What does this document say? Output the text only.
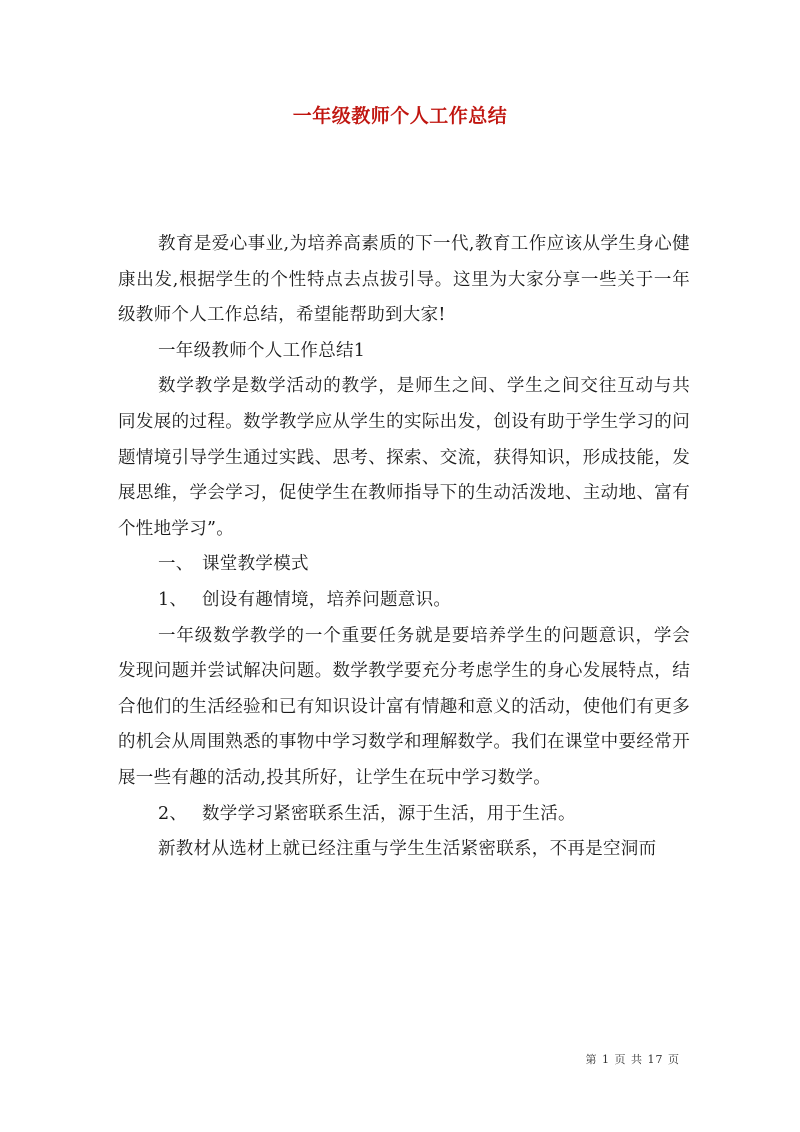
一年级教师个人工作总结

教育是爱心事业,为培养高素质的下一代,教育工作应该从学生身心健康出发,根据学生的个性特点去点拔引导。这里为大家分享一些关于一年级教师个人工作总结，希望能帮助到大家!

一年级教师个人工作总结1

数学教学是数学活动的教学，是师生之间、学生之间交往互动与共同发展的过程。数学教学应从学生的实际出发，创设有助于学生学习的问题情境引导学生通过实践、思考、探索、交流，获得知识，形成技能，发展思维，学会学习，促使学生在教师指导下的生动活泼地、主动地、富有个性地学习”。

一、 课堂教学模式

1、 创设有趣情境，培养问题意识。

一年级数学教学的一个重要任务就是要培养学生的问题意识，学会发现问题并尝试解决问题。数学教学要充分考虑学生的身心发展特点，结合他们的生活经验和已有知识设计富有情趣和意义的活动，使他们有更多的机会从周围熟悉的事物中学习数学和理解数学。我们在课堂中要经常开展一些有趣的活动,投其所好，让学生在玩中学习数学。

2、 数学学习紧密联系生活，源于生活，用于生活。

新教材从选材上就已经注重与学生生活紧密联系，不再是空洞而

第 1 页 共 17 页
